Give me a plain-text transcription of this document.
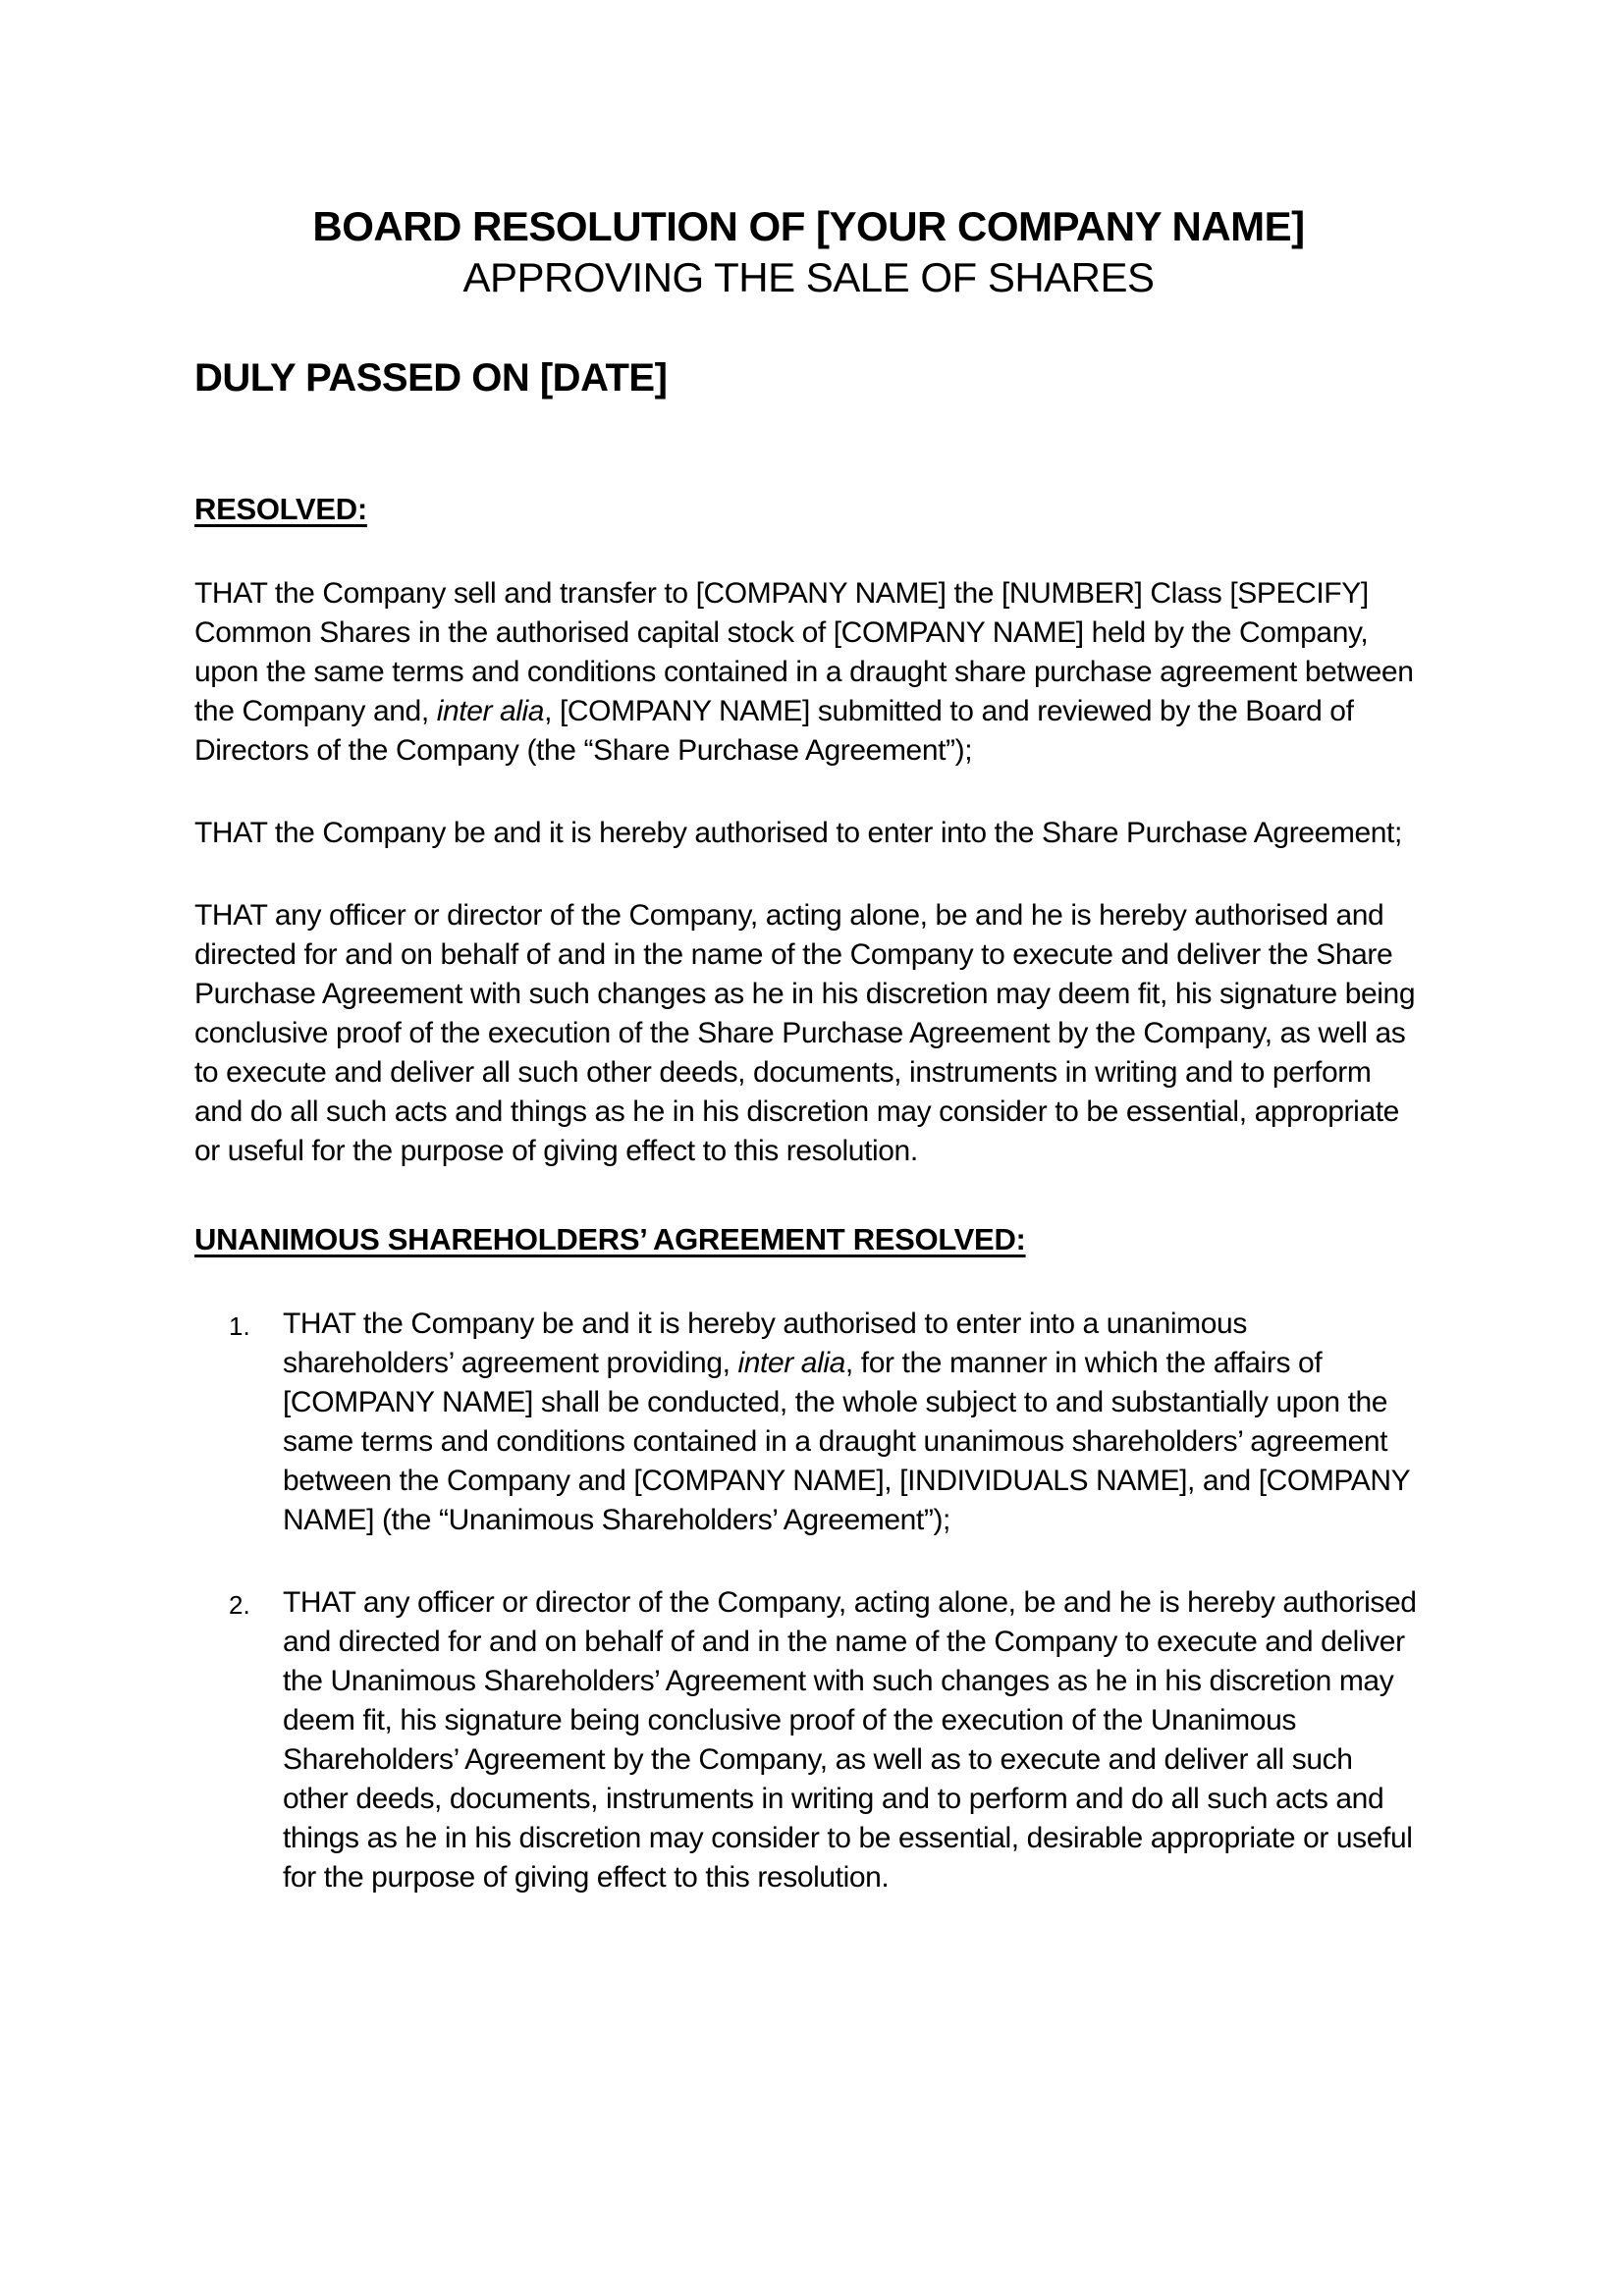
BOARD RESOLUTION OF [YOUR COMPANY NAME]
APPROVING THE SALE OF SHARES
DULY PASSED ON [DATE]
RESOLVED:

THAT the Company sell and transfer to [COMPANY NAME] the [NUMBER] Class [SPECIFY] Common Shares in the authorised capital stock of [COMPANY NAME] held by the Company, upon the same terms and conditions contained in a draught share purchase agreement between the Company and, inter alia, [COMPANY NAME] submitted to and reviewed by the Board of Directors of the Company (the “Share Purchase Agreement”);

THAT the Company be and it is hereby authorised to enter into the Share Purchase Agreement;

THAT any officer or director of the Company, acting alone, be and he is hereby authorised and directed for and on behalf of and in the name of the Company to execute and deliver the Share Purchase Agreement with such changes as he in his discretion may deem fit, his signature being conclusive proof of the execution of the Share Purchase Agreement by the Company, as well as to execute and deliver all such other deeds, documents, instruments in writing and to perform and do all such acts and things as he in his discretion may consider to be essential, appropriate or useful for the purpose of giving effect to this resolution.

UNANIMOUS SHAREHOLDERS’ AGREEMENT RESOLVED:
1.	THAT the Company be and it is hereby authorised to enter into a unanimous shareholders’ agreement providing, inter alia, for the manner in which the affairs of [COMPANY NAME] shall be conducted, the whole subject to and substantially upon the same terms and conditions contained in a draught unanimous shareholders’ agreement between the Company and [COMPANY NAME], [INDIVIDUALS NAME], and [COMPANY NAME] (the “Unanimous Shareholders’ Agreement”);
2.	THAT any officer or director of the Company, acting alone, be and he is hereby authorised and directed for and on behalf of and in the name of the Company to execute and deliver the Unanimous Shareholders’ Agreement with such changes as he in his discretion may deem fit, his signature being conclusive proof of the execution of the Unanimous Shareholders’ Agreement by the Company, as well as to execute and deliver all such other deeds, documents, instruments in writing and to perform and do all such acts and things as he in his discretion may consider to be essential, desirable appropriate or useful for the purpose of giving effect to this resolution.
